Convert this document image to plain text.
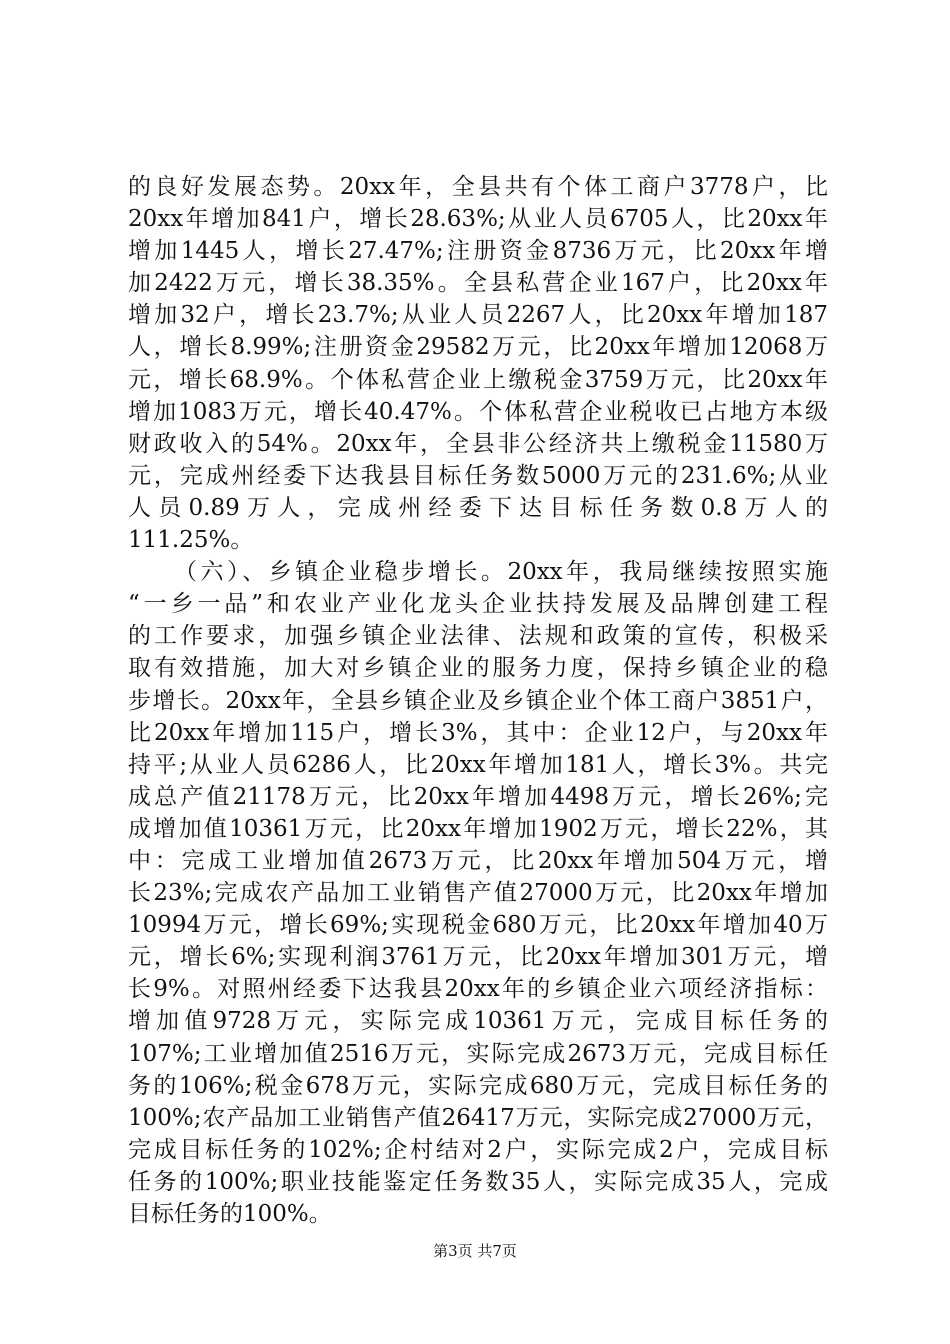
的良好发展态势。20xx年，全县共有个体工商户3778户，比
20xx年增加841户，增长28.63%;从业人员6705人，比20xx年
增加1445人，增长27.47%;注册资金8736万元，比20xx年增
加2422万元，增长38.35%。全县私营企业167户，比20xx年
增加32户，增长23.7%;从业人员2267人，比20xx年增加187
人，增长8.99%;注册资金29582万元，比20xx年增加12068万
元，增长68.9%。个体私营企业上缴税金3759万元，比20xx年
增加1083万元，增长40.47%。个体私营企业税收已占地方本级
财政收入的54%。20xx年，全县非公经济共上缴税金11580万
元，完成州经委下达我县目标任务数5000万元的231.6%;从业
人员0.89万人，完成州经委下达目标任务数0.8万人的
111.25%。
（六）、乡镇企业稳步增长。20xx年，我局继续按照实施
“一乡一品”和农业产业化龙头企业扶持发展及品牌创建工程
的工作要求，加强乡镇企业法律、法规和政策的宣传，积极采
取有效措施，加大对乡镇企业的服务力度，保持乡镇企业的稳
步增长。20xx年，全县乡镇企业及乡镇企业个体工商户3851户，
比20xx年增加115户，增长3%，其中：企业12户，与20xx年
持平;从业人员6286人，比20xx年增加181人，增长3%。共完
成总产值21178万元，比20xx年增加4498万元，增长26%;完
成增加值10361万元，比20xx年增加1902万元，增长22%，其
中：完成工业增加值2673万元，比20xx年增加504万元，增
长23%;完成农产品加工业销售产值27000万元，比20xx年增加
10994万元，增长69%;实现税金680万元，比20xx年增加40万
元，增长6%;实现利润3761万元，比20xx年增加301万元，增
长9%。对照州经委下达我县20xx年的乡镇企业六项经济指标：
增加值9728万元，实际完成10361万元，完成目标任务的
107%;工业增加值2516万元，实际完成2673万元，完成目标任
务的106%;税金678万元，实际完成680万元，完成目标任务的
100%;农产品加工业销售产值26417万元，实际完成27000万元，
完成目标任务的102%;企村结对2户，实际完成2户，完成目标
任务的100%;职业技能鉴定任务数35人，实际完成35人，完成
目标任务的100%。
第3页 共7页
